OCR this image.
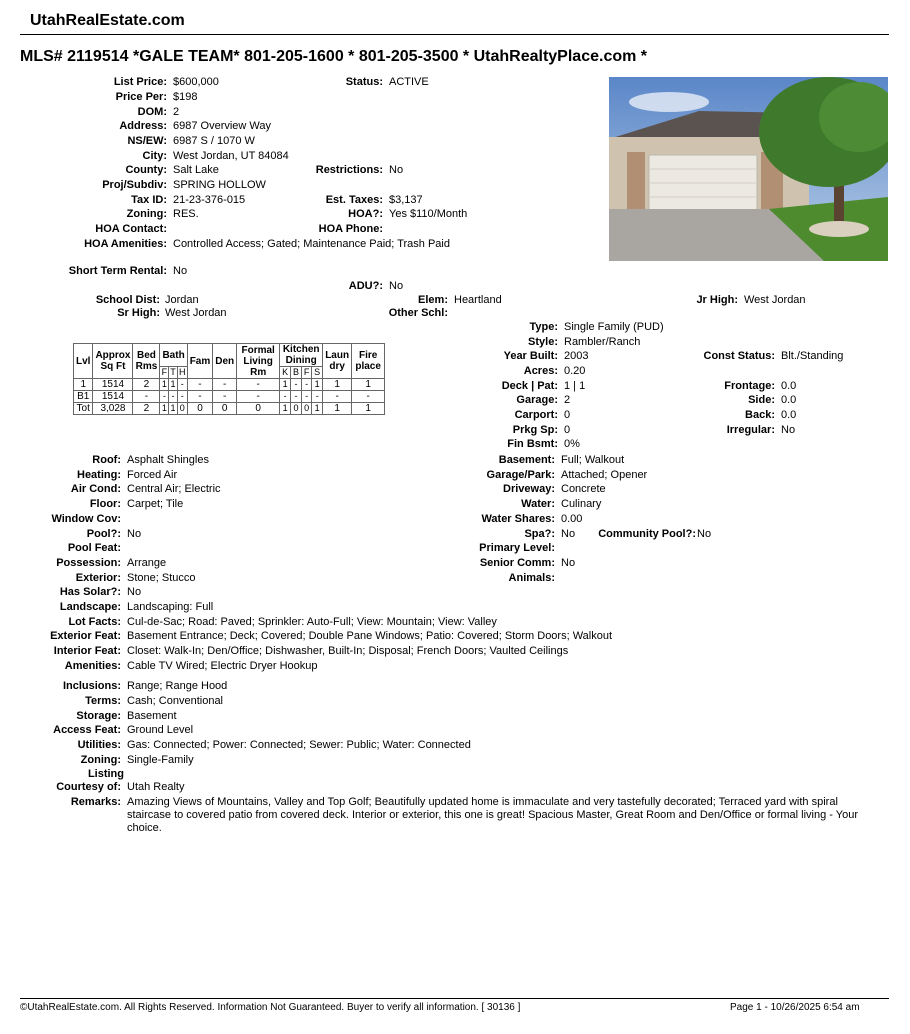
UtahRealEstate.com
MLS# 2119514 *GALE TEAM* 801-205-1600 * 801-205-3500 * UtahRealtyPlace.com *
List Price: $600,000
Price Per: $198
DOM: 2
Address: 6987 Overview Way
NS/EW: 6987 S / 1070 W
City: West Jordan, UT 84084
County: Salt Lake
Proj/Subdiv: SPRING HOLLOW
Tax ID: 21-23-376-015
Zoning: RES.
HOA Contact:
HOA Amenities: Controlled Access; Gated; Maintenance Paid; Trash Paid
Short Term Rental: No
Status: ACTIVE
Restrictions: No
Est. Taxes: $3,137
HOA?: Yes $110/Month
HOA Phone:
ADU?: No
School Dist: Jordan	Elem: Heartland	Jr High: West Jordan
Sr High: West Jordan	Other Schl:
Type: Single Family (PUD)
Style: Rambler/Ranch
Year Built: 2003	Const Status: Blt./Standing
Acres: 0.20
Deck | Pat: 1 | 1	Frontage: 0.0
Garage: 2	Side: 0.0
Carport: 0	Back: 0.0
Prkg Sp: 0	Irregular: No
Fin Bsmt: 0%
Lvl	Approx Sq Ft	Bed Rms	Bath			Fam	Den	Formal Living Rm	Kitchen Dining				Laun dry	Fire place
			F	T	H				K	B	F	S		
1	1514	2	1	1	-	-	-	-	1	-	-	1	1	1
B1	1514	-	-	-	-	-	-	-	-	-	-	-	-	-
Tot	3,028	2	1	1	0	0	0	0	1	0	0	1	1	1
Roof: Asphalt Shingles
Heating: Forced Air
Air Cond: Central Air; Electric
Floor: Carpet; Tile
Window Cov:
Pool?: No
Pool Feat:
Possession: Arrange
Exterior: Stone; Stucco
Has Solar?: No
Landscape: Landscaping: Full
Lot Facts: Cul-de-Sac; Road: Paved; Sprinkler: Auto-Full; View: Mountain; View: Valley
Exterior Feat: Basement Entrance; Deck; Covered; Double Pane Windows; Patio: Covered; Storm Doors; Walkout
Interior Feat: Closet: Walk-In; Den/Office; Dishwasher, Built-In; Disposal; French Doors; Vaulted Ceilings
Amenities: Cable TV Wired; Electric Dryer Hookup
Basement: Full; Walkout
Garage/Park: Attached; Opener
Driveway: Concrete
Water: Culinary
Water Shares: 0.00
Spa?: No	Community Pool?: No
Primary Level:
Senior Comm: No
Animals:
Inclusions: Range; Range Hood
Terms: Cash; Conventional
Storage: Basement
Access Feat: Ground Level
Utilities: Gas: Connected; Power: Connected; Sewer: Public; Water: Connected
Zoning: Single-Family
Listing
Courtesy of: Utah Realty
Remarks: Amazing Views of Mountains, Valley and Top Golf; Beautifully updated home is immaculate and very tastefully decorated; Terraced yard with spiral staircase to covered patio from covered deck. Interior or exterior, this one is great! Spacious Master, Great Room and Den/Office or formal living - Your choice.
©UtahRealEstate.com. All Rights Reserved. Information Not Guaranteed. Buyer to verify all information. [ 30136 ]	Page 1 - 10/26/2025 6:54 am
